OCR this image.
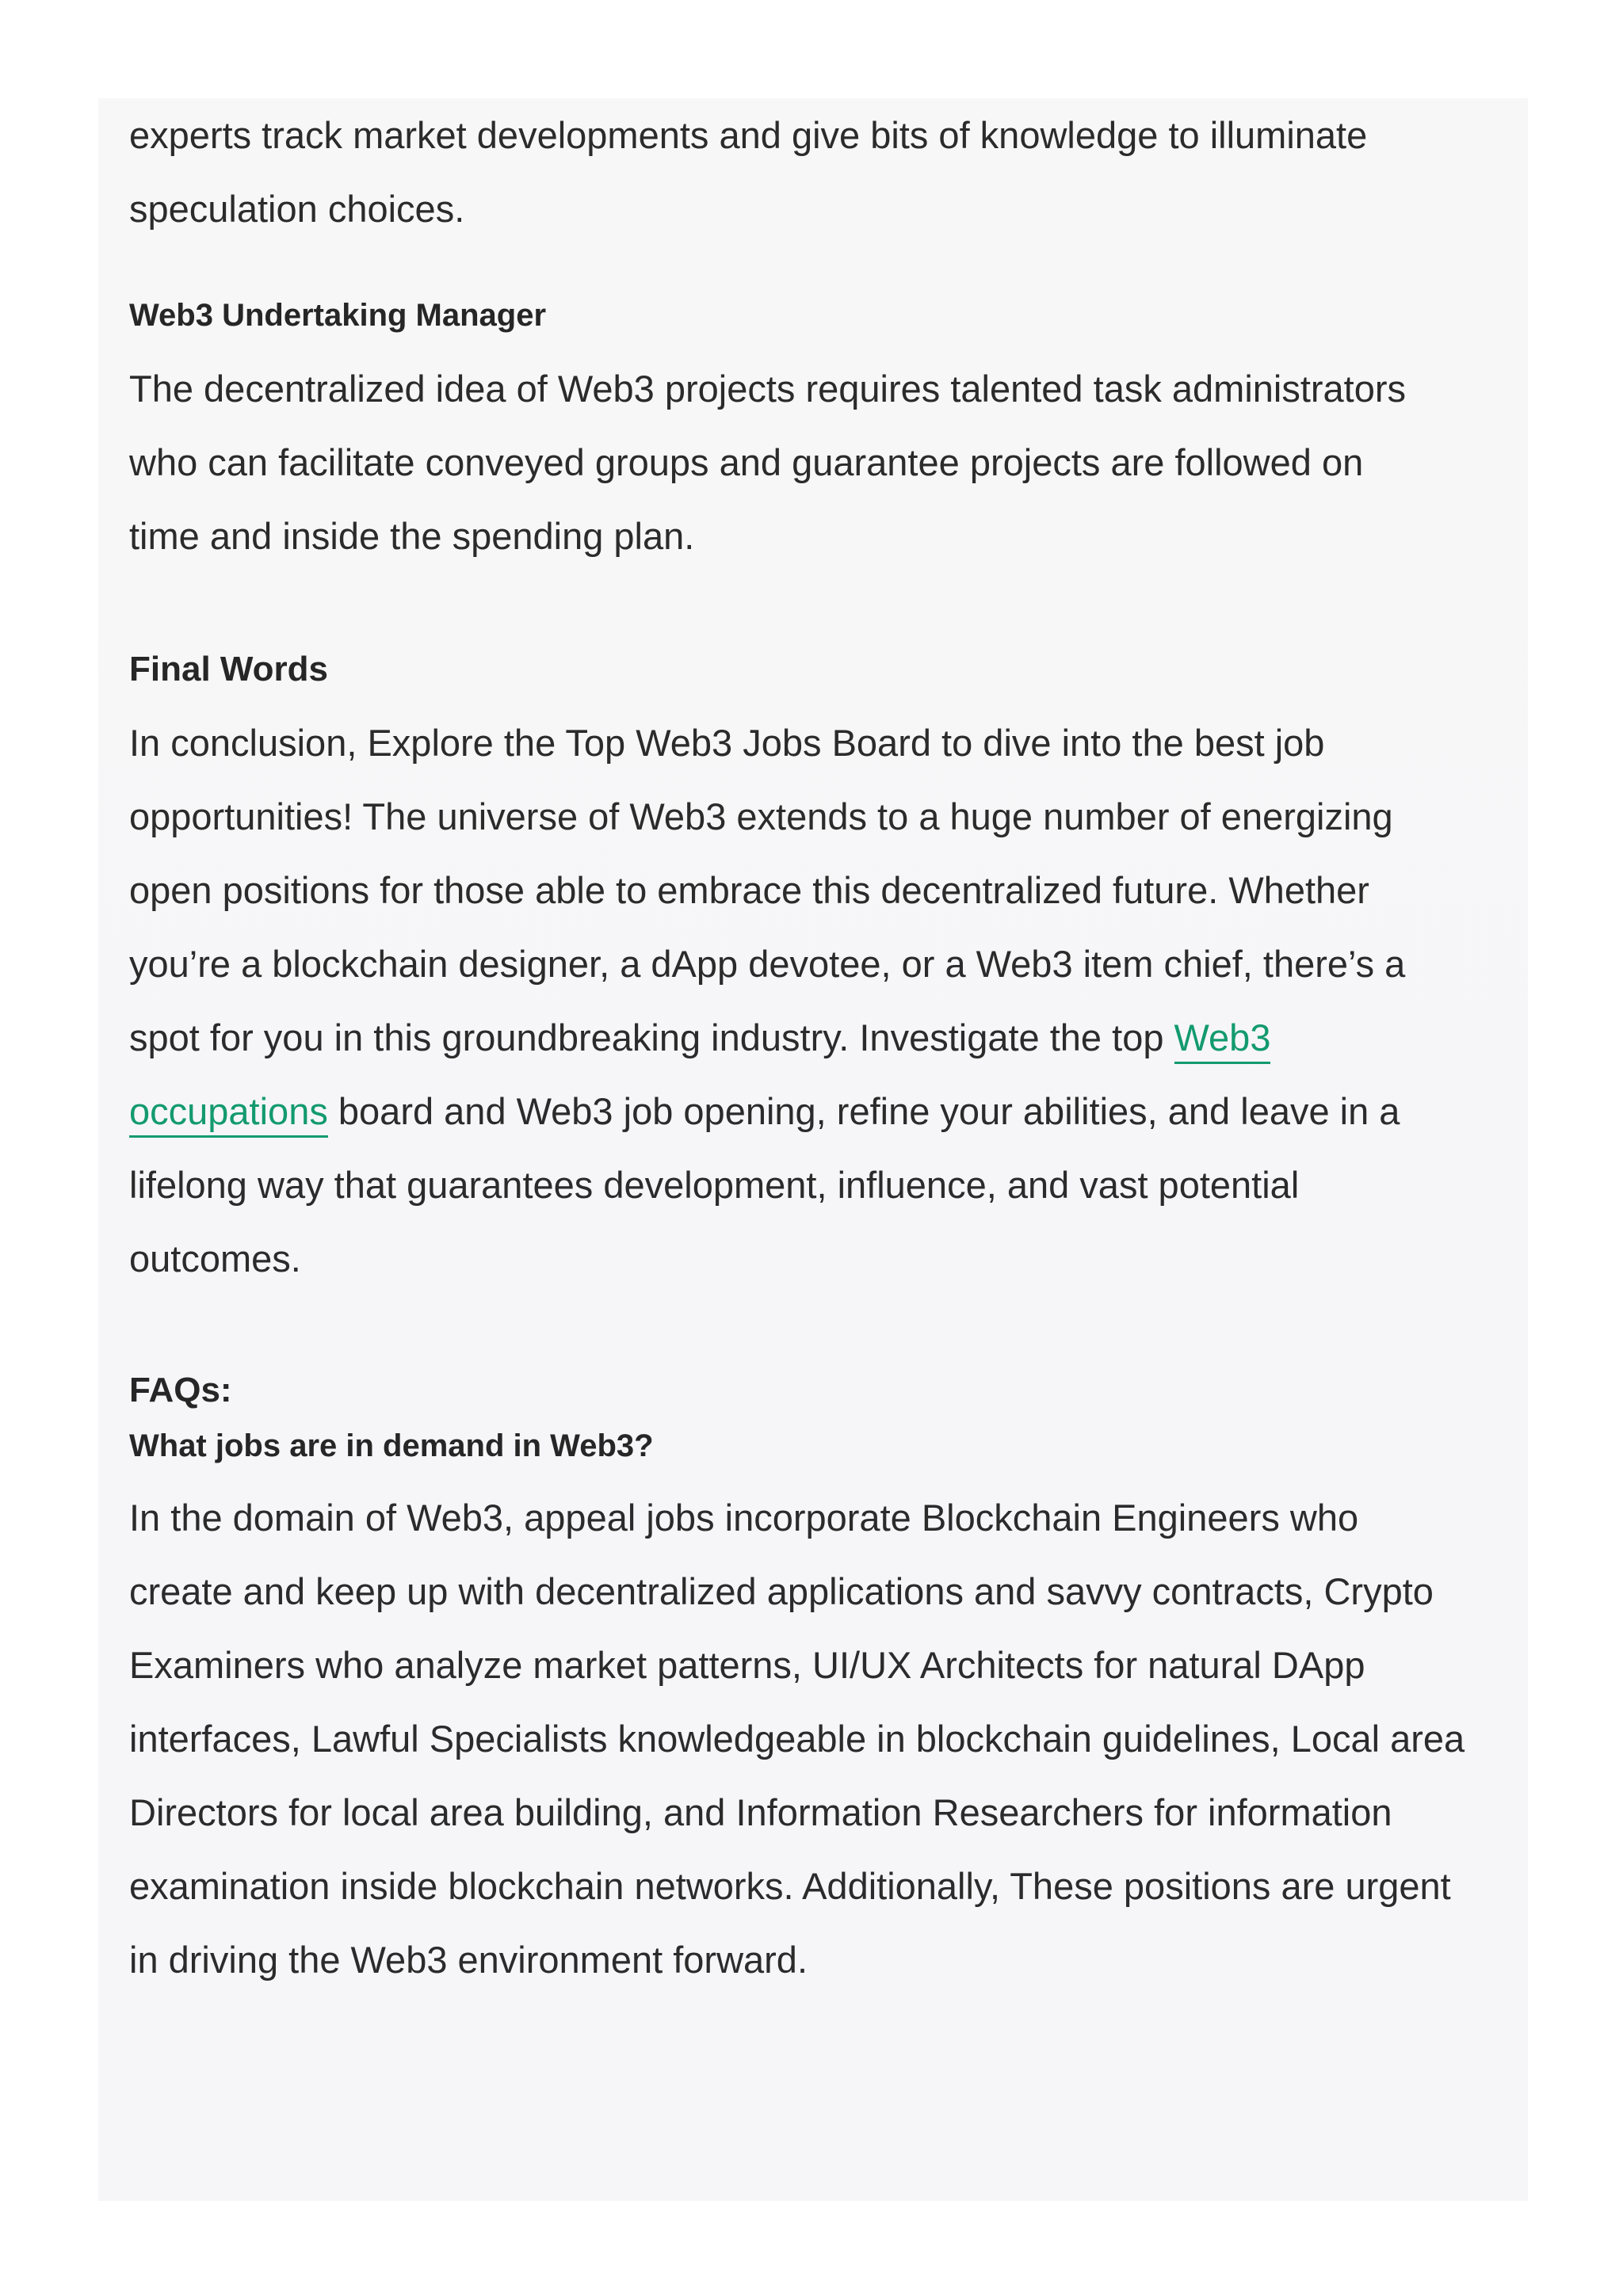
experts track market developments and give bits of knowledge to illuminate

speculation choices.

Web3 Undertaking Manager

The decentralized idea of Web3 projects requires talented task administrators

who can facilitate conveyed groups and guarantee projects are followed on

time and inside the spending plan.

Final Words

In conclusion, Explore the Top Web3 Jobs Board to dive into the best job

opportunities! The universe of Web3 extends to a huge number of energizing

open positions for those able to embrace this decentralized future. Whether

you’re a blockchain designer, a dApp devotee, or a Web3 item chief, there’s a

spot for you in this groundbreaking industry. Investigate the top Web3

occupations board and Web3 job opening, refine your abilities, and leave in a

lifelong way that guarantees development, influence, and vast potential

outcomes.

FAQs:

What jobs are in demand in Web3?

In the domain of Web3, appeal jobs incorporate Blockchain Engineers who

create and keep up with decentralized applications and savvy contracts, Crypto

Examiners who analyze market patterns, UI/UX Architects for natural DApp

interfaces, Lawful Specialists knowledgeable in blockchain guidelines, Local area

Directors for local area building, and Information Researchers for information

examination inside blockchain networks. Additionally, These positions are urgent

in driving the Web3 environment forward.
